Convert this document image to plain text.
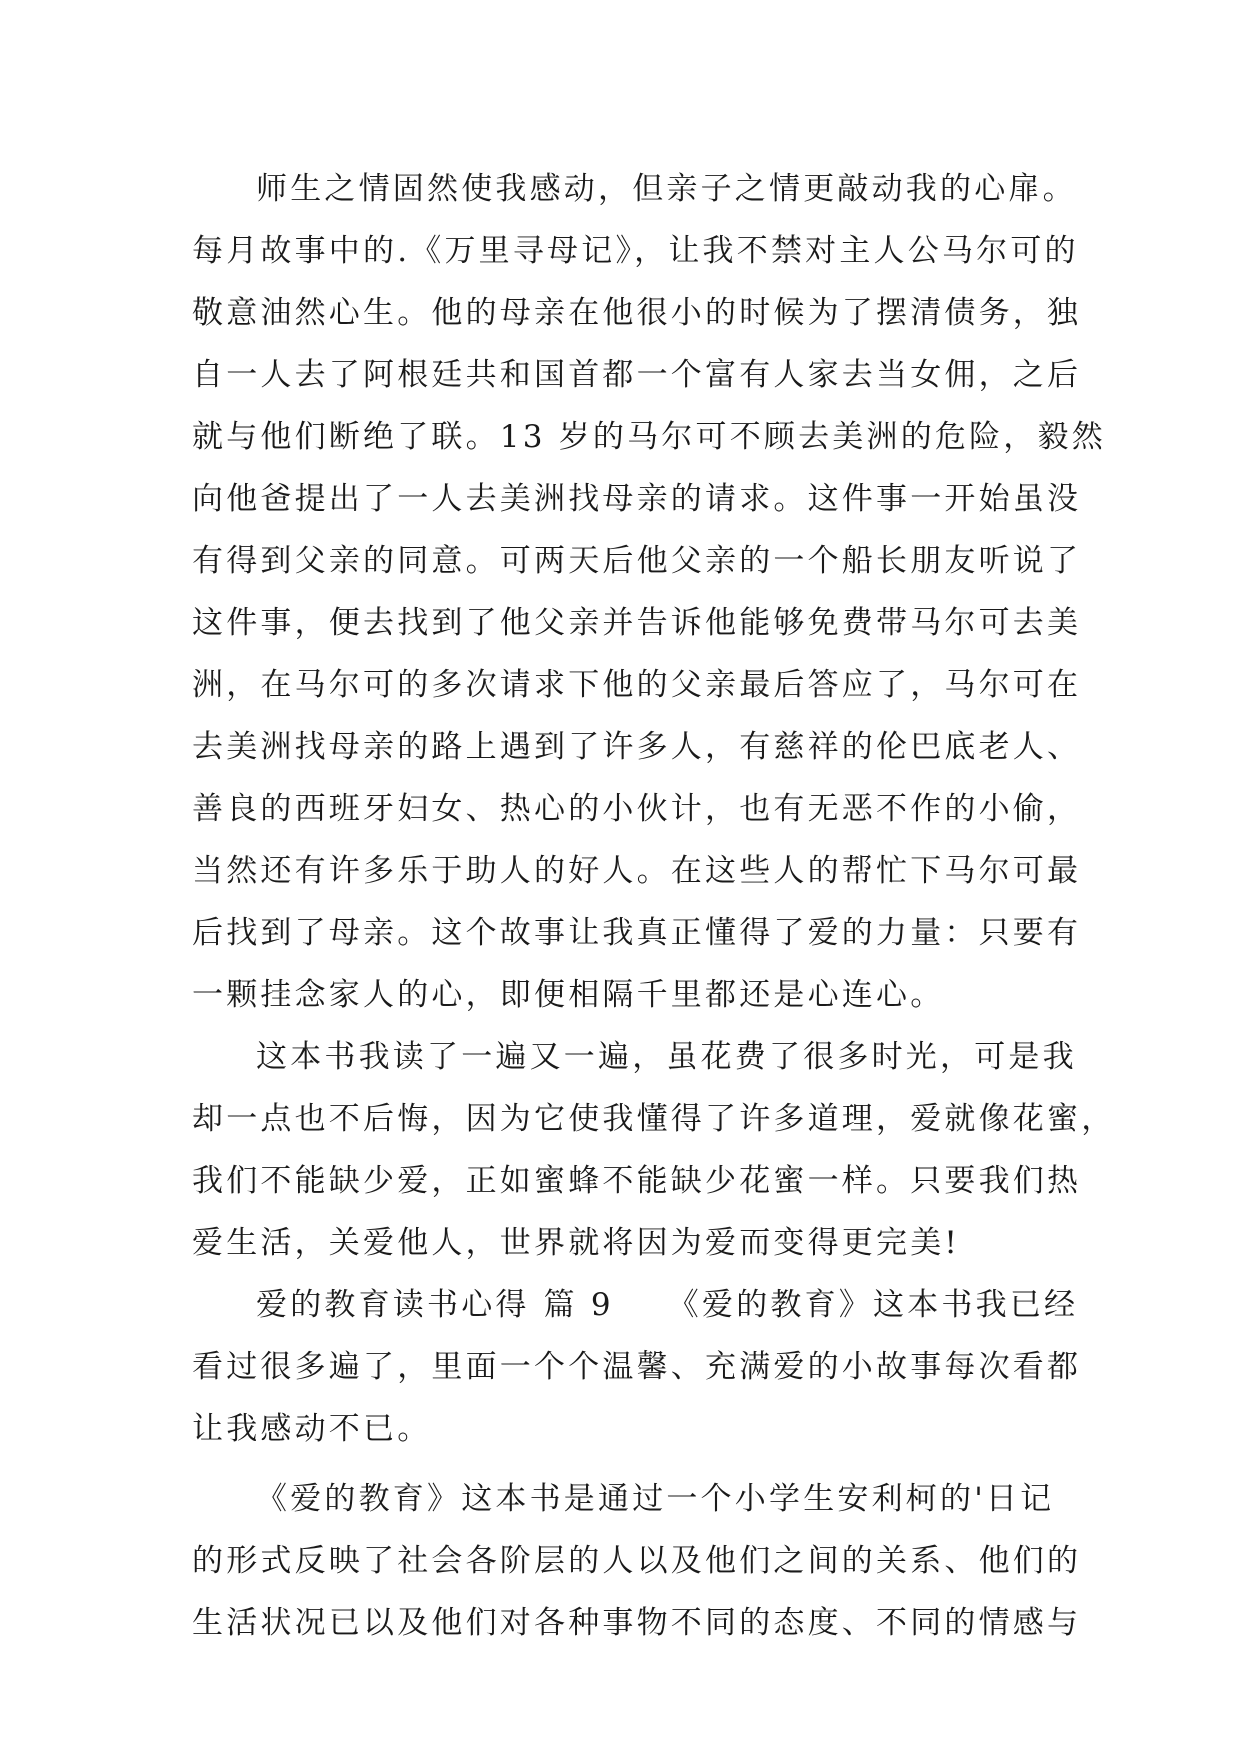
师生之情固然使我感动，但亲子之情更敲动我的心扉。
每月故事中的.《万里寻母记》，让我不禁对主人公马尔可的
敬意油然心生。他的母亲在他很小的时候为了摆清债务，独
自一人去了阿根廷共和国首都一个富有人家去当女佣，之后
就与他们断绝了联。13 岁的马尔可不顾去美洲的危险，毅然
向他爸提出了一人去美洲找母亲的请求。这件事一开始虽没
有得到父亲的同意。可两天后他父亲的一个船长朋友听说了
这件事，便去找到了他父亲并告诉他能够免费带马尔可去美
洲，在马尔可的多次请求下他的父亲最后答应了，马尔可在
去美洲找母亲的路上遇到了许多人，有慈祥的伦巴底老人、
善良的西班牙妇女、热心的小伙计，也有无恶不作的小偷，
当然还有许多乐于助人的好人。在这些人的帮忙下马尔可最
后找到了母亲。这个故事让我真正懂得了爱的力量：只要有
一颗挂念家人的心，即便相隔千里都还是心连心。
这本书我读了一遍又一遍，虽花费了很多时光，可是我
却一点也不后悔，因为它使我懂得了许多道理，爱就像花蜜，
我们不能缺少爱，正如蜜蜂不能缺少花蜜一样。只要我们热
爱生活，关爱他人，世界就将因为爱而变得更完美!
爱的教育读书心得 篇 9 《爱的教育》这本书我已经
看过很多遍了，里面一个个温馨、充满爱的小故事每次看都
让我感动不已。
《爱的教育》这本书是通过一个小学生安利柯的'日记
的形式反映了社会各阶层的人以及他们之间的关系、他们的
生活状况已以及他们对各种事物不同的态度、不同的情感与
